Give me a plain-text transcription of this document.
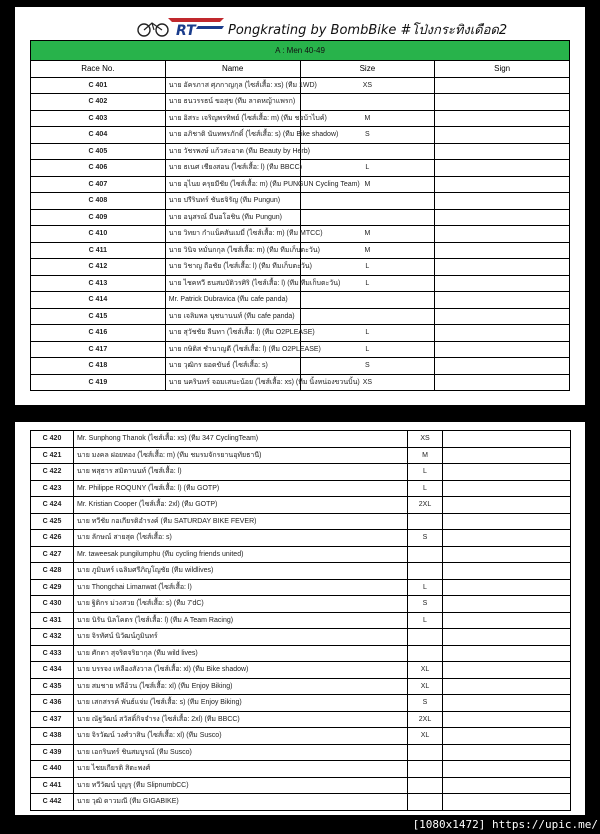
RT Pongkrating by BombBike #โป่งกระทิงเดือด2
A : Men 40-49			
Race No.	Name	Size	Sign
C 401	นาย อัครภาส ศุภกาญกุล (ไซส์เสื้อ: xs) (ทีม 1WD)	XS	
C 402	นาย ธนวรรธน์ ขอสุข (ทีม ลาดหญ้าแพรก)		
C 403	นาย อิสระ เจริญพรทิพย์ (ไซส์เสื้อ: m) (ทีม ชอบ้าไบค์)	M	
C 404	นาย อภิชาติ นันทพรภักดิ์ (ไซส์เสื้อ: s) (ทีม Bike shadow)	S	
C 405	นาย วัชรพงษ์ แก้วสะอาด (ทีม Beauty by Herb)		
C 406	นาย ธเนศ เชียงสอน (ไซส์เสื้อ: l) (ทีม BBCC)	L	
C 407	นาย อุไนย ครุยมีชัย (ไซส์เสื้อ: m) (ทีม PUNGUN Cycling Team)	M	
C 408	นาย ปรีรินทร์ ชันธจิรัญ (ทีม Pungun)		
C 409	นาย อนุสรณ์ มีนอโอชิน (ทีม Pungun)		
C 410	นาย วิทยา กำแน็คสันเมมี่ (ไซส์เสื้อ: m) (ทีม MTCC)	M	
C 411	นาย วินิจ หมั่นกกุล (ไซส์เสื้อ: m) (ทีม ทีมเก็บตะวัน)	M	
C 412	นาย วิชาญ ถือชัย (ไซส์เสื้อ: l) (ทีม ทีมเก็บตะวัน)	L	
C 413	นาย ไชคหวี ธนสมบัติวรศิริ (ไซส์เสื้อ: l) (ทีม ทีมเก็บตะวัน)	L	
C 414	Mr. Patrick Dubravica (ทีม cafe panda)		
C 415	นาย เจลิมพล นุชนานนท์ (ทีม cafe panda)		
C 416	นาย สุวัชชัย ลีนทา (ไซส์เสื้อ: l) (ทีม O2PLEASE)	L	
C 417	นาย กษิติส ชำนาญดี (ไซส์เสื้อ: l) (ทีม O2PLEASE)	L	
C 418	นาย วุฒิกร ยอดขันธ์ (ไซส์เสื้อ: s)	S	
C 419	นาย นครินทร์ จอมเสนะน้อย (ไซส์เสื้อ: xs) (ทีม นิ้งหน่องขวนบิ้น)	XS	
C 420	Mr. Sunphong Thanok (ไซส์เสื้อ: xs) (ทีม 347 CyclingTeam)	XS	
C 421	นาย มงคล ฝอยทอง (ไซส์เสื้อ: m) (ทีม ชมรมจักรยานอุทัยธานี)	M	
C 422	นาย พสุธาร สมิตานนท์ (ไซส์เสื้อ: l)	L	
C 423	Mr. Philippe ROQUNY (ไซส์เสื้อ: l) (ทีม GOTP)	L	
C 424	Mr. Kristian Cooper (ไซส์เสื้อ: 2xl) (ทีม GOTP)	2XL	
C 425	นาย ทวีชัย กอเกียรติอำรงค์ (ทีม SATURDAY BIKE FEVER)		
C 426	นาย ลักษณ์ สายสุด (ไซส์เสื้อ: s)	S	
C 427	Mr. taweesak pungilumphu (ทีม cycling friends united)		
C 428	นาย ภูมินทร์ เฉลิมศรีภิญโญชัย (ทีม wildlives)		
C 429	นาย Thongchai Limanwat (ไซส์เสื้อ: l)	L	
C 430	นาย ฐิติกร ม่วงสวย (ไซส์เสื้อ: s) (ทีม 7'dC)	S	
C 431	นาย นิรัน นิลโคตร (ไซส์เสื้อ: l) (ทีม A Team Racing)	L	
C 432	นาย จิรทัศน์ นิวัฒน์ภูมินทร์		
C 433	นาย ศักดา สุจริตจริยากุล (ทีม wild lives)		
C 434	นาย บรรจง เหลืองสังวาล (ไซส์เสื้อ: xl) (ทีม Bike shadow)	XL	
C 435	นาย สมชาย หลีอ้วน (ไซส์เสื้อ: xl) (ทีม Enjoy Biking)	XL	
C 436	นาย เสกสรรค์ พันธ์แจ่ม (ไซส์เสื้อ: s) (ทีม Enjoy Biking)	S	
C 437	นาย ณัฐวัฒน์ สวัสดิ์กิจจำรง (ไซส์เสื้อ: 2xl) (ทีม BBCC)	2XL	
C 438	นาย จิรวัฒน์ วงศ์วาสิน (ไซส์เสื้อ: xl) (ทีม Susco)	XL	
C 439	นาย เอกรินทร์ ชินสมบูรณ์ (ทีม Susco)		
C 440	นาย ไชยเกียรติ สิตะพงศ์		
C 441	นาย ทวีวัฒน์ บุญรุ (ทีม SlipnumbCC)		
C 442	นาย วุฒิ ดาวมณี (ทีม GIGABIKE)		
[1080x1472] https://upic.me/
